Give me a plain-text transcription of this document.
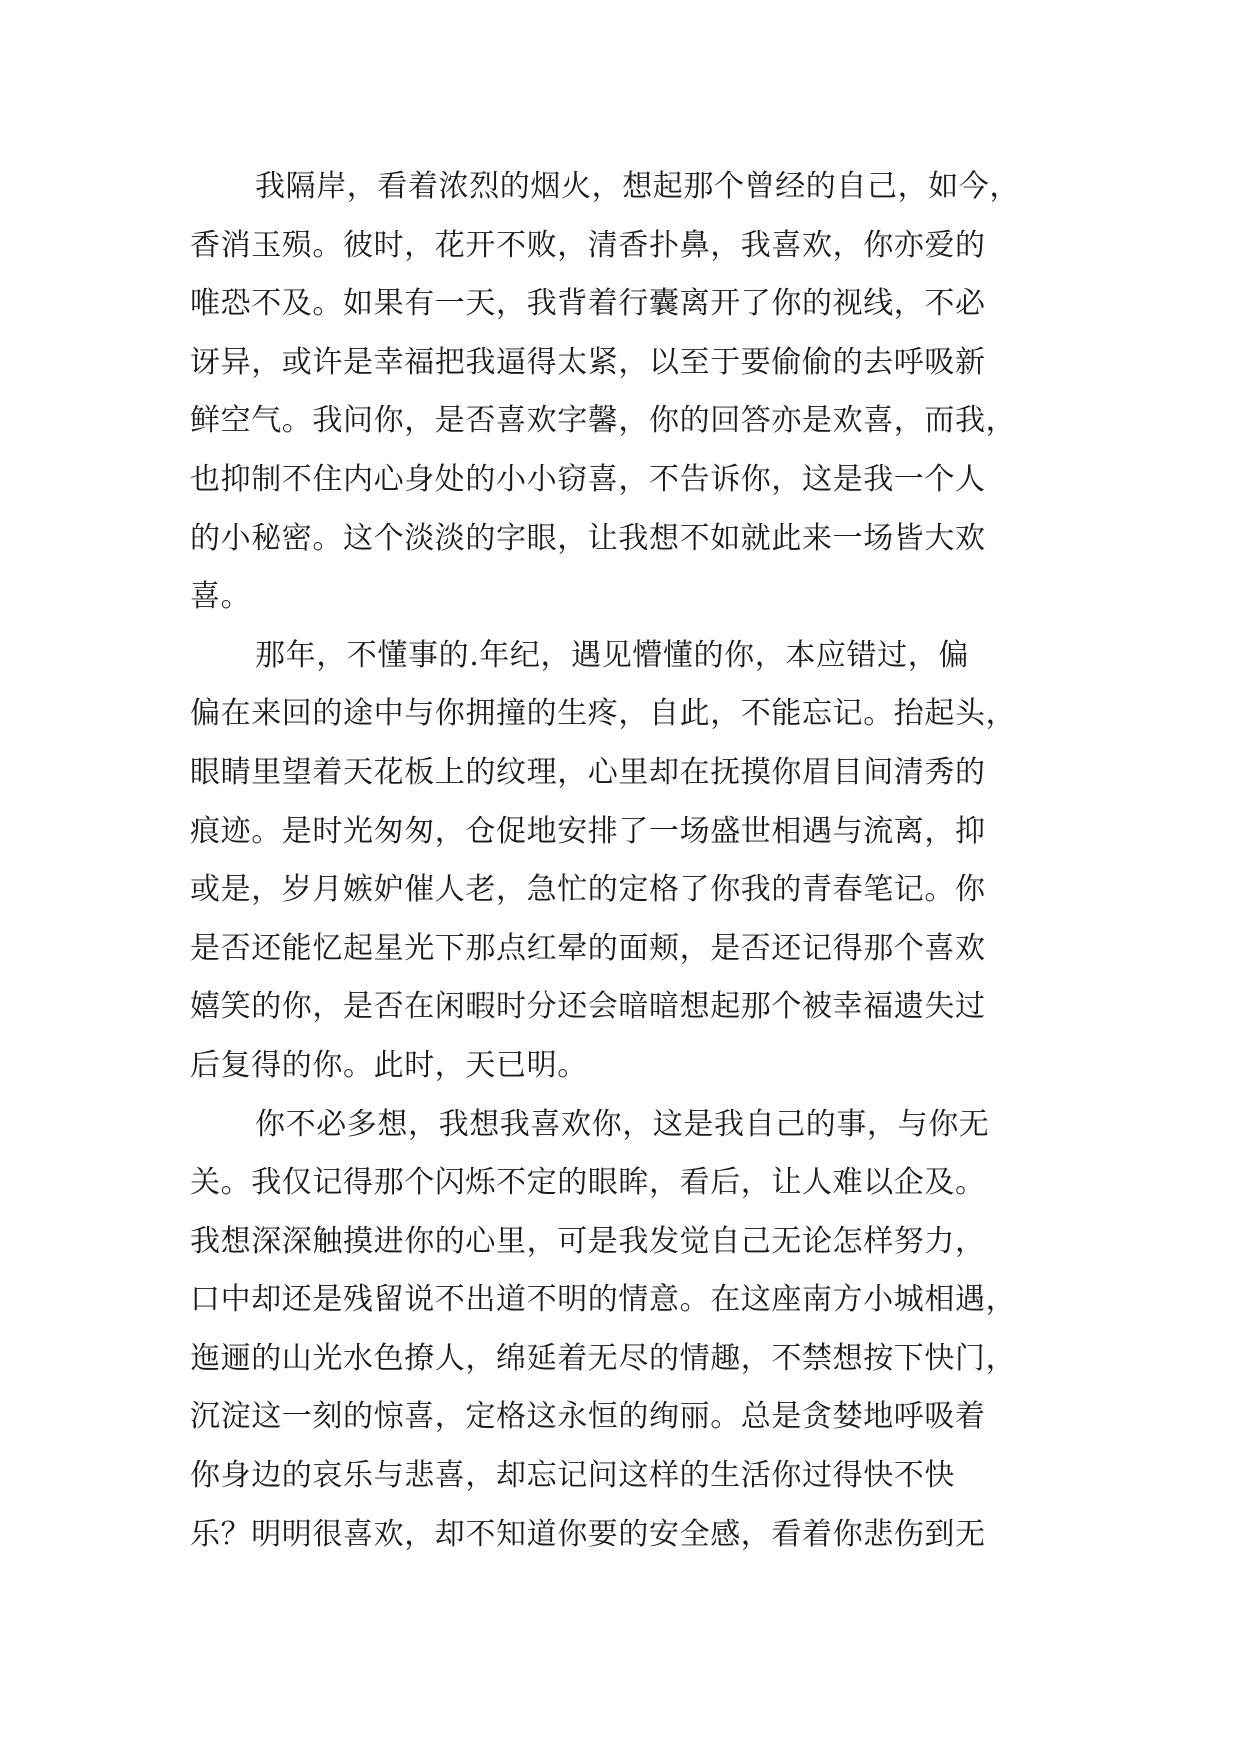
我隔岸，看着浓烈的烟火，想起那个曾经的自己，如今，
香消玉殒。彼时，花开不败，清香扑鼻，我喜欢，你亦爱的
唯恐不及。如果有一天，我背着行囊离开了你的视线，不必
讶异，或许是幸福把我逼得太紧，以至于要偷偷的去呼吸新
鲜空气。我问你，是否喜欢字馨，你的回答亦是欢喜，而我，
也抑制不住内心身处的小小窃喜，不告诉你，这是我一个人
的小秘密。这个淡淡的字眼，让我想不如就此来一场皆大欢
喜。
那年，不懂事的.年纪，遇见懵懂的你，本应错过，偏
偏在来回的途中与你拥撞的生疼，自此，不能忘记。抬起头，
眼睛里望着天花板上的纹理，心里却在抚摸你眉目间清秀的
痕迹。是时光匆匆，仓促地安排了一场盛世相遇与流离，抑
或是，岁月嫉妒催人老，急忙的定格了你我的青春笔记。你
是否还能忆起星光下那点红晕的面颊，是否还记得那个喜欢
嬉笑的你，是否在闲暇时分还会暗暗想起那个被幸福遗失过
后复得的你。此时，天已明。
你不必多想，我想我喜欢你，这是我自己的事，与你无
关。我仅记得那个闪烁不定的眼眸，看后，让人难以企及。
我想深深触摸进你的心里，可是我发觉自己无论怎样努力，
口中却还是残留说不出道不明的情意。在这座南方小城相遇，
迤逦的山光水色撩人，绵延着无尽的情趣，不禁想按下快门，
沉淀这一刻的惊喜，定格这永恒的绚丽。总是贪婪地呼吸着
你身边的哀乐与悲喜，却忘记问这样的生活你过得快不快
乐？明明很喜欢，却不知道你要的安全感，看着你悲伤到无
